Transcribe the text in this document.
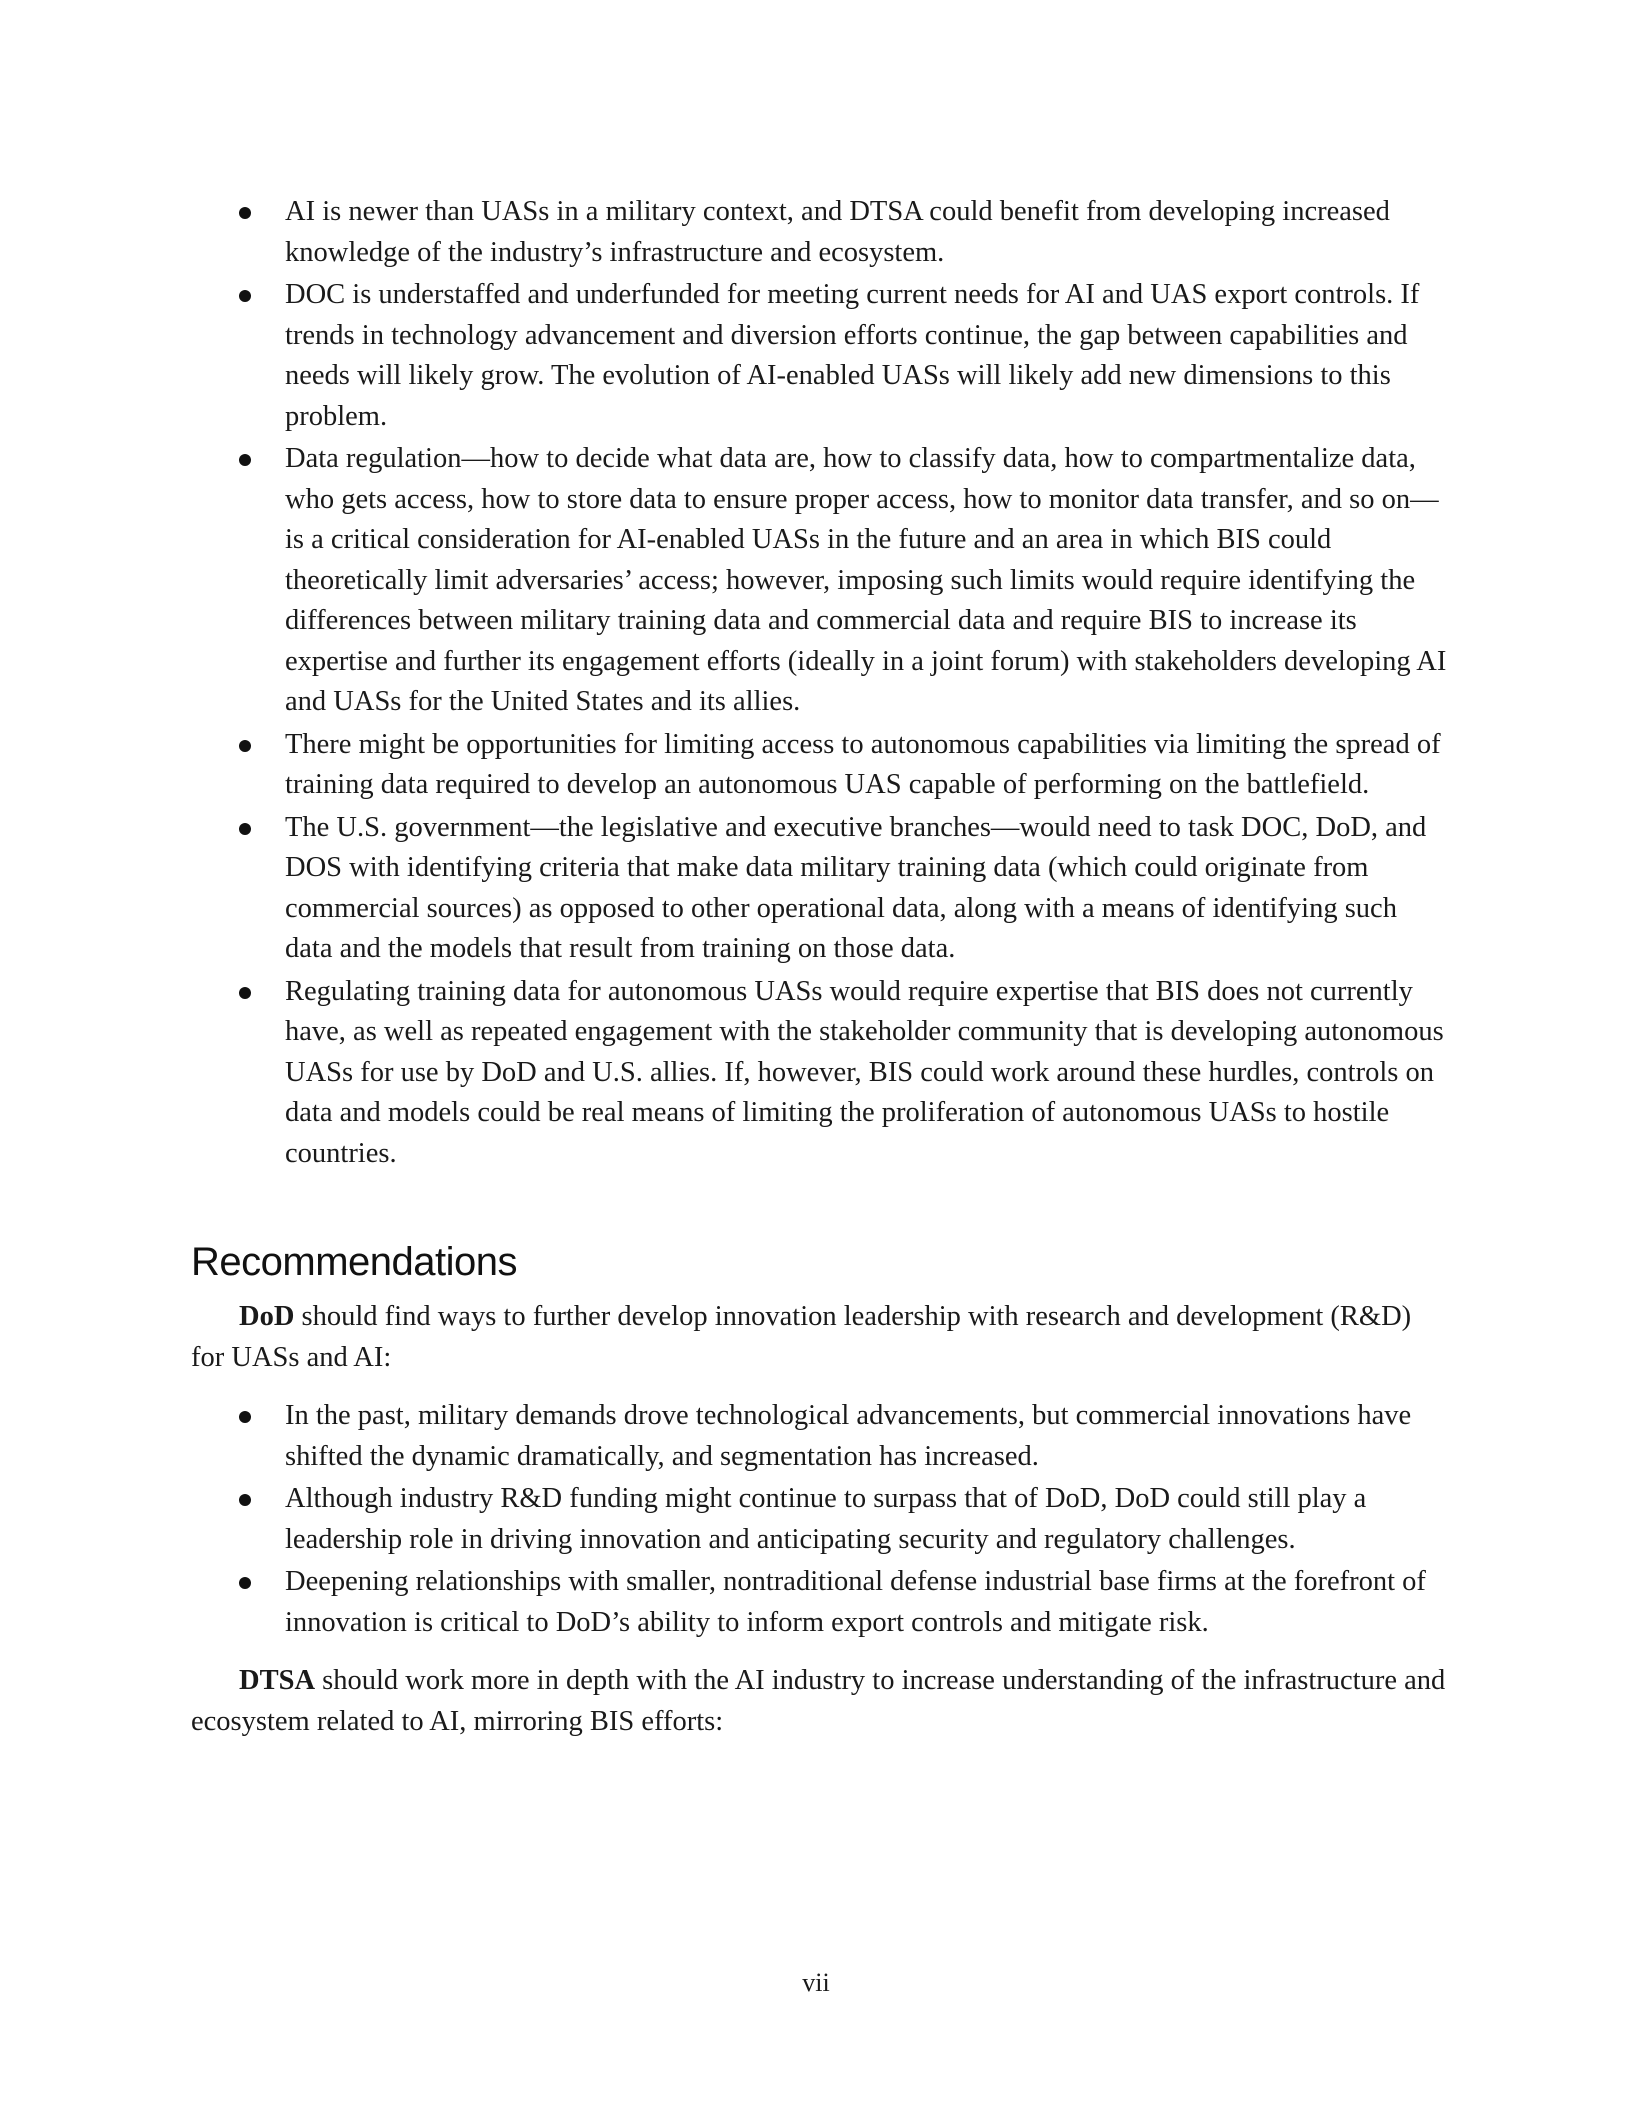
AI is newer than UASs in a military context, and DTSA could benefit from developing increased knowledge of the industry’s infrastructure and ecosystem.
DOC is understaffed and underfunded for meeting current needs for AI and UAS export controls. If trends in technology advancement and diversion efforts continue, the gap between capabilities and needs will likely grow. The evolution of AI-enabled UASs will likely add new dimensions to this problem.
Data regulation—how to decide what data are, how to classify data, how to compartmentalize data, who gets access, how to store data to ensure proper access, how to monitor data transfer, and so on—is a critical consideration for AI-enabled UASs in the future and an area in which BIS could theoretically limit adversaries’ access; however, imposing such limits would require identifying the differences between military training data and commercial data and require BIS to increase its expertise and further its engagement efforts (ideally in a joint forum) with stakeholders developing AI and UASs for the United States and its allies.
There might be opportunities for limiting access to autonomous capabilities via limiting the spread of training data required to develop an autonomous UAS capable of performing on the battlefield.
The U.S. government—the legislative and executive branches—would need to task DOC, DoD, and DOS with identifying criteria that make data military training data (which could originate from commercial sources) as opposed to other operational data, along with a means of identifying such data and the models that result from training on those data.
Regulating training data for autonomous UASs would require expertise that BIS does not currently have, as well as repeated engagement with the stakeholder community that is developing autonomous UASs for use by DoD and U.S. allies. If, however, BIS could work around these hurdles, controls on data and models could be real means of limiting the proliferation of autonomous UASs to hostile countries.
Recommendations

DoD should find ways to further develop innovation leadership with research and development (R&D) for UASs and AI:

In the past, military demands drove technological advancements, but commercial innovations have shifted the dynamic dramatically, and segmentation has increased.
Although industry R&D funding might continue to surpass that of DoD, DoD could still play a leadership role in driving innovation and anticipating security and regulatory challenges.
Deepening relationships with smaller, nontraditional defense industrial base firms at the forefront of innovation is critical to DoD’s ability to inform export controls and mitigate risk.

DTSA should work more in depth with the AI industry to increase understanding of the infrastructure and ecosystem related to AI, mirroring BIS efforts:

vii
